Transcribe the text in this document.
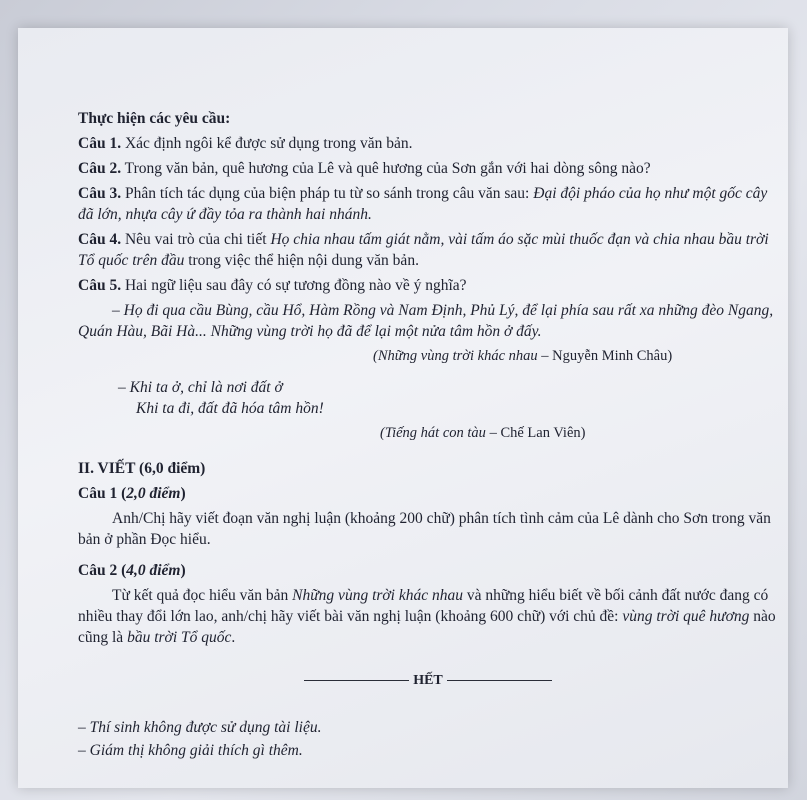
Thực hiện các yêu cầu:

Câu 1. Xác định ngôi kể được sử dụng trong văn bản.

Câu 2. Trong văn bản, quê hương của Lê và quê hương của Sơn gắn với hai dòng sông nào?

Câu 3. Phân tích tác dụng của biện pháp tu từ so sánh trong câu văn sau: Đại đội pháo của họ như một gốc cây đã lớn, nhựa cây ứ đầy tỏa ra thành hai nhánh.

Câu 4. Nêu vai trò của chi tiết Họ chia nhau tấm giát nằm, vài tấm áo sặc mùi thuốc đạn và chia nhau bầu trời Tổ quốc trên đầu trong việc thể hiện nội dung văn bản.

Câu 5. Hai ngữ liệu sau đây có sự tương đồng nào về ý nghĩa?

– Họ đi qua cầu Bùng, cầu Hổ, Hàm Rồng và Nam Định, Phủ Lý, để lại phía sau rất xa những đèo Ngang, Quán Hàu, Bãi Hà... Những vùng trời họ đã để lại một nửa tâm hồn ở đấy.

(Những vùng trời khác nhau – Nguyễn Minh Châu)

– Khi ta ở, chỉ là nơi đất ở

Khi ta đi, đất đã hóa tâm hồn!

(Tiếng hát con tàu – Chế Lan Viên)

II. VIẾT (6,0 điểm)

Câu 1 (2,0 điểm)

Anh/Chị hãy viết đoạn văn nghị luận (khoảng 200 chữ) phân tích tình cảm của Lê dành cho Sơn trong văn bản ở phần Đọc hiểu.

Câu 2 (4,0 điểm)

Từ kết quả đọc hiểu văn bản Những vùng trời khác nhau và những hiểu biết về bối cảnh đất nước đang có nhiều thay đổi lớn lao, anh/chị hãy viết bài văn nghị luận (khoảng 600 chữ) với chủ đề: vùng trời quê hương nào cũng là bầu trời Tổ quốc.

HẾT

– Thí sinh không được sử dụng tài liệu.

– Giám thị không giải thích gì thêm.
